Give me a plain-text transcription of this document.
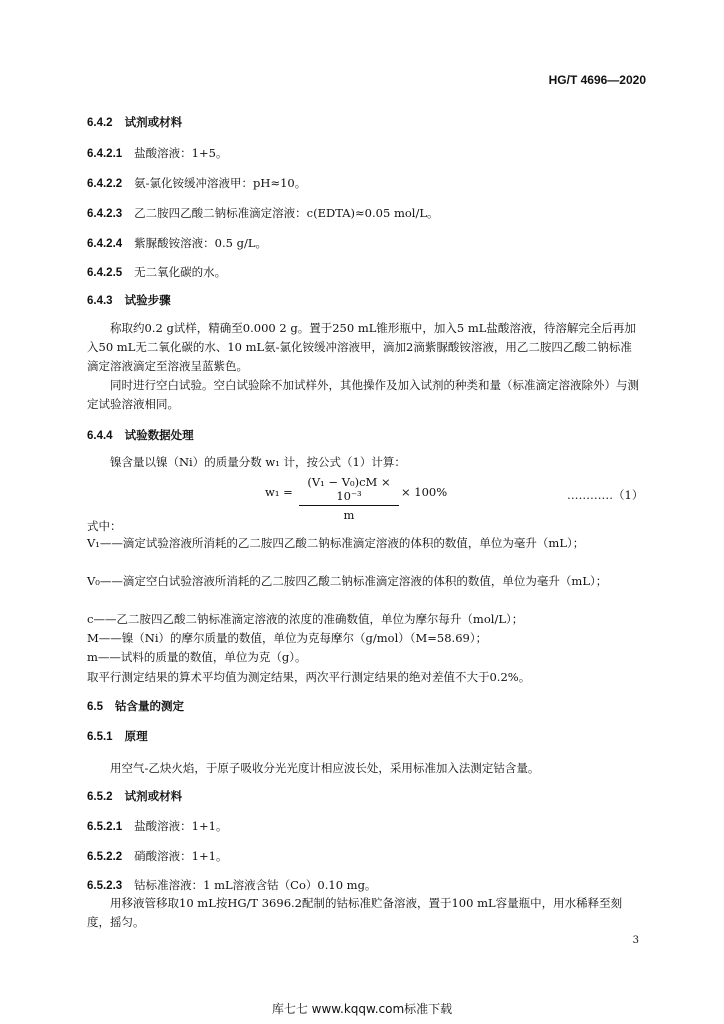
HG/T 4696—2020
6.4.2 试剂或材料
6.4.2.1 盐酸溶液：1+5。
6.4.2.2 氨-氯化铵缓冲溶液甲：pH≈10。
6.4.2.3 乙二胺四乙酸二钠标准滴定溶液：c(EDTA)≈0.05 mol/L。
6.4.2.4 紫脲酸铵溶液：0.5 g/L。
6.4.2.5 无二氧化碳的水。
6.4.3 试验步骤

称取约0.2 g试样，精确至0.000 2 g。置于250 mL锥形瓶中，加入5 mL盐酸溶液，待溶解完全后再加入50 mL无二氧化碳的水、10 mL氨-氯化铵缓冲溶液甲，滴加2滴紫脲酸铵溶液，用乙二胺四乙酸二钠标准滴定溶液滴定至溶液呈蓝紫色。

同时进行空白试验。空白试验除不加试样外，其他操作及加入试剂的种类和量（标准滴定溶液除外）与测定试验溶液相同。

6.4.4 试验数据处理

镍含量以镍（Ni）的质量分数 w₁ 计，按公式（1）计算：

$w_1 = \frac{\text{(V₁ − V₀)cM × 10⁻³}}{m} \times 100\%$	…………（1）
式中：

V₁——滴定试验溶液所消耗的乙二胺四乙酸二钠标准滴定溶液的体积的数值，单位为毫升（mL）；

V₀——滴定空白试验溶液所消耗的乙二胺四乙酸二钠标准滴定溶液的体积的数值，单位为毫升（mL）；

c——乙二胺四乙酸二钠标准滴定溶液的浓度的准确数值，单位为摩尔每升（mol/L）；

M——镍（Ni）的摩尔质量的数值，单位为克每摩尔（g/mol）（M=58.69）；

m——试料的质量的数值，单位为克（g）。

取平行测定结果的算术平均值为测定结果，两次平行测定结果的绝对差值不大于0.2%。
6.5 钴含量的测定
6.5.1 原理

用空气-乙炔火焰，于原子吸收分光光度计相应波长处，采用标准加入法测定钴含量。

6.5.2 试剂或材料
6.5.2.1 盐酸溶液：1+1。
6.5.2.2 硝酸溶液：1+1。
6.5.2.3 钴标准溶液：1 mL溶液含钴（Co）0.10 mg。

用移液管移取10 mL按HG/T 3696.2配制的钴标准贮备溶液，置于100 mL容量瓶中，用水稀释至刻度，摇匀。

3
库七七 www.kqqw.com标准下载
